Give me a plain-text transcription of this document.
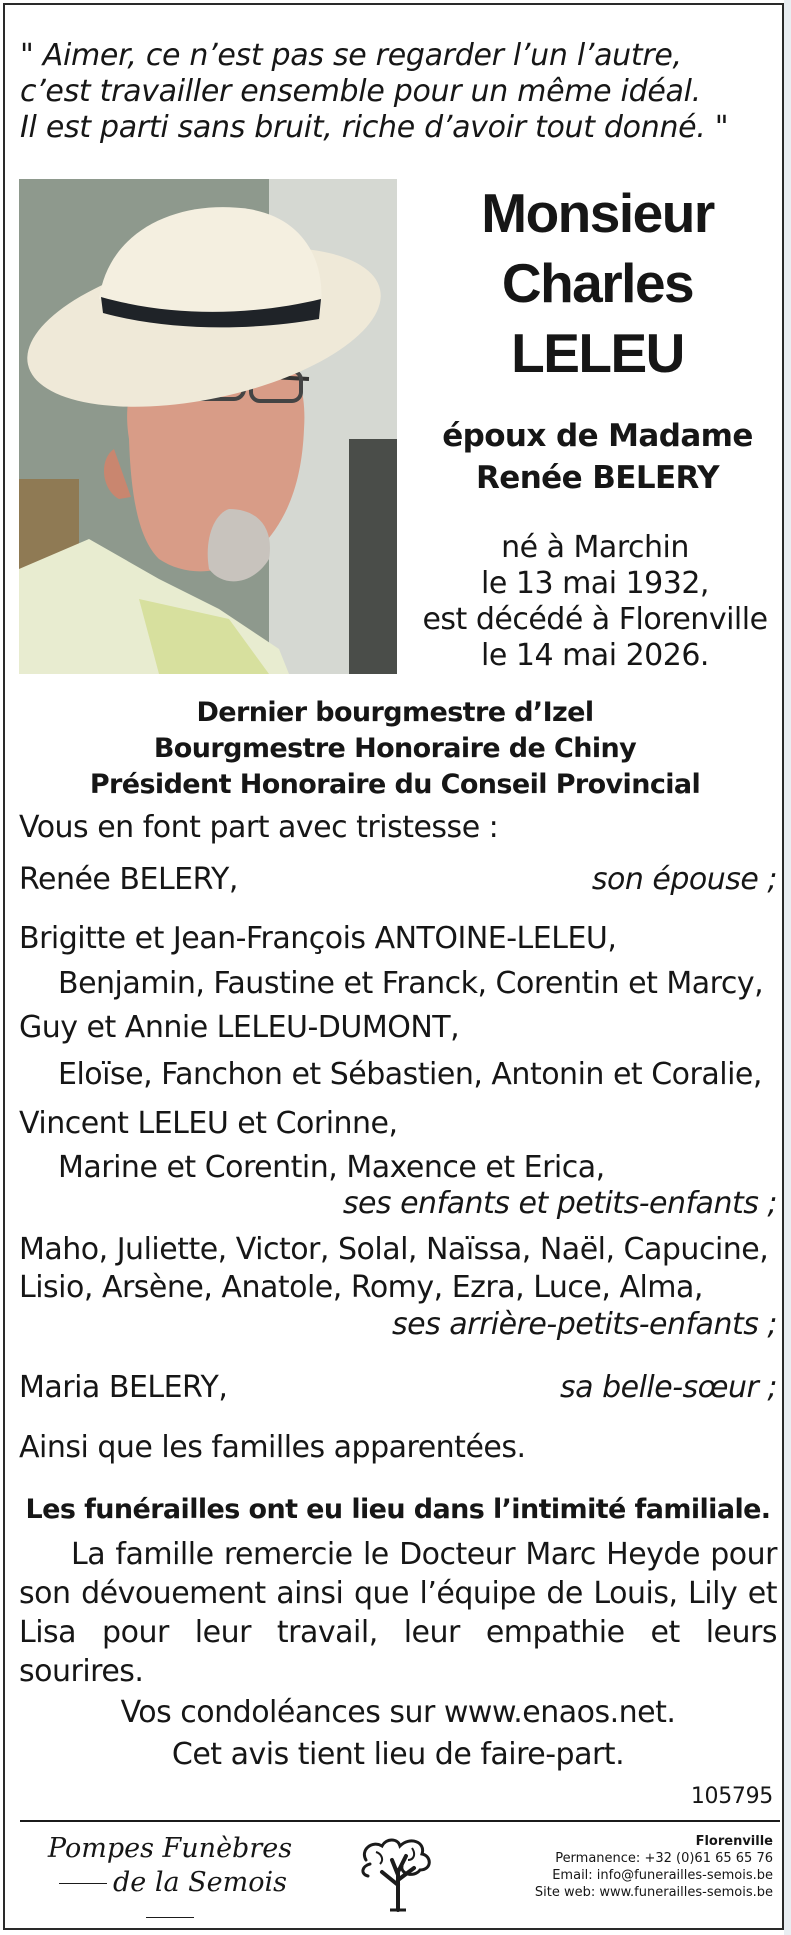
" Aimer, ce n’est pas se regarder l’un l’autre,
c’est travailler ensemble pour un même idéal.
Il est parti sans bruit, riche d’avoir tout donné. "
Monsieur
Charles
LELEU
époux de Madame
Renée BELERY
né à Marchin
le 13 mai 1932,
est décédé à Florenville
le 14 mai 2026.
Dernier bourgmestre d’Izel
Bourgmestre Honoraire de Chiny
Président Honoraire du Conseil Provincial
Vous en font part avec tristesse :
Renée BELERY,	son épouse ;
Brigitte et Jean-François ANTOINE-LELEU,
Benjamin, Faustine et Franck, Corentin et Marcy,
Guy et Annie LELEU-DUMONT,
Eloïse, Fanchon et Sébastien, Antonin et Coralie,
Vincent LELEU et Corinne,
Marine et Corentin, Maxence et Erica,
ses enfants et petits-enfants ;
Maho, Juliette, Victor, Solal, Naïssa, Naël, Capucine,
Lisio, Arsène, Anatole, Romy, Ezra, Luce, Alma,
ses arrière-petits-enfants ;
Maria BELERY,	sa belle-sœur ;
Ainsi que les familles apparentées.
Les funérailles ont eu lieu dans l’intimité familiale.
La famille remercie le Docteur Marc Heyde pour son dévouement ainsi que l’équipe de Louis, Lily et Lisa pour leur travail, leur empathie et leurs sourires.
Vos condoléances sur www.enaos.net.
Cet avis tient lieu de faire-part.
105795
Pompes Funèbres
de la Semois
Florenville
Permanence: +32 (0)61 65 65 76
Email: info@funerailles-semois.be
Site web: www.funerailles-semois.be
